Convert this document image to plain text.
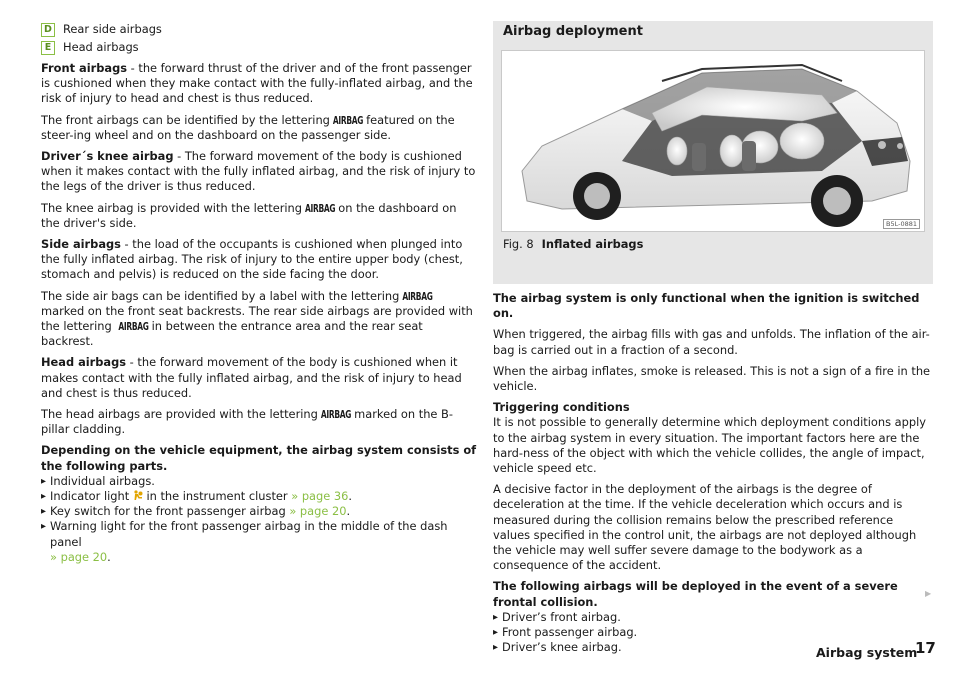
D Rear side airbags
E	Head airbags

Front airbags - the forward thrust of the driver and of the front passenger is cushioned when they make contact with the fully-inflated airbag, and the risk of injury to head and chest is thus reduced.

The front airbags can be identified by the lettering AIRBAG featured on the steer-ing wheel and on the dashboard on the passenger side.

Driver´s knee airbag - The forward movement of the body is cushioned when it makes contact with the fully inflated airbag, and the risk of injury to the legs of the driver is thus reduced.

The knee airbag is provided with the lettering AIRBAG on the dashboard on the driver's side.

Side airbags - the load of the occupants is cushioned when plunged into the fully inflated airbag. The risk of injury to the entire upper body (chest, stomach and pelvis) is reduced on the side facing the door.

The side air bags can be identified by a label with the lettering AIRBAGmarked on the front seat backrests. The rear side airbags are provided with the lettering AIRBAG in between the entrance area and the rear seat backrest.

Head airbags - the forward movement of the body is cushioned when it makes contact with the fully inflated airbag, and the risk of injury to head and chest is thus reduced.

The head airbags are provided with the lettering AIRBAG marked on the B-pillar cladding.

Depending on the vehicle equipment, the airbag system consists of the following parts.
▶ Individual airbags.
▶ Indicator light in the instrument cluster » page 36.
▶ Key switch for the front passenger airbag » page 20.
▶ Warning light for the front passenger airbag in the middle of the dash panel
» page 20.
Airbag deployment
B5L-0881
Fig. 8 Inflated airbags

The airbag system is only functional when the ignition is switched on.

When triggered, the airbag fills with gas and unfolds. The inflation of the air-bag is carried out in a fraction of a second.

When the airbag inflates, smoke is released. This is not a sign of a fire in the vehicle.

Triggering conditions

It is not possible to generally determine which deployment conditions apply to the airbag system in every situation. The important factors here are the hard-ness of the object with which the vehicle collides, the angle of impact, vehicle speed etc.

A decisive factor in the deployment of the airbags is the degree of deceleration at the time. If the vehicle deceleration which occurs and is measured during the collision remains below the prescribed reference values specified in the control unit, the airbags are not deployed although the vehicle may well suffer severe damage to the bodywork as a consequence of the accident.

The following airbags will be deployed in the event of a severe frontal collision.
▶ Driver’s front airbag.
▶ Front passenger airbag.
▶ Driver’s knee airbag.
▶
Airbag system
17
